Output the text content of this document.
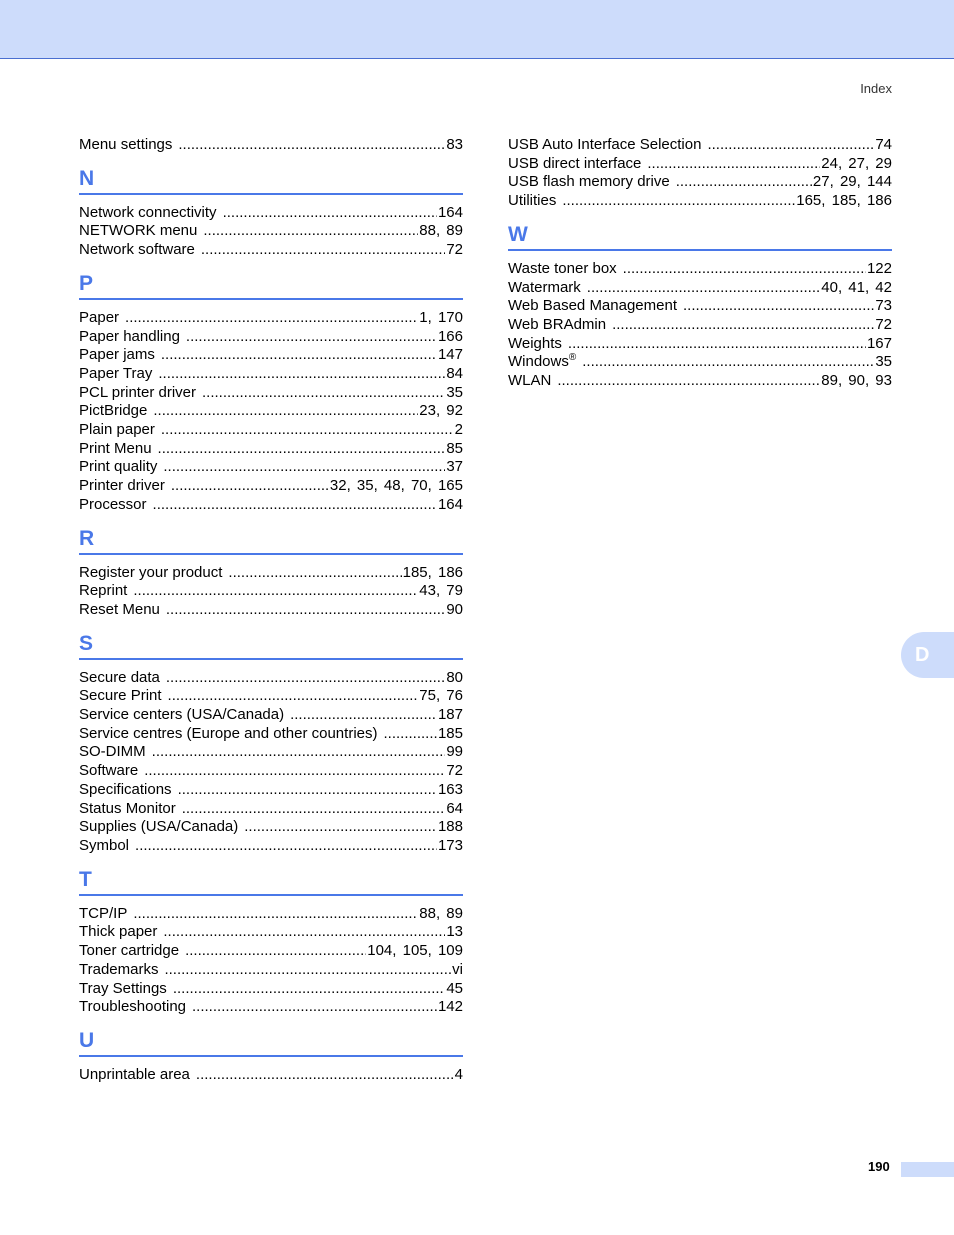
Index
Menu settings .....	83
N
Network connectivity .....	164
NETWORK menu .....	88, 89
Network software .....	72
P
Paper .....	1, 170
Paper handling .....	166
Paper jams .....	147
Paper Tray .....	84
PCL printer driver .....	35
PictBridge .....	23, 92
Plain paper .....	2
Print Menu .....	85
Print quality .....	37
Printer driver .....	32, 35, 48, 70, 165
Processor .....	164
R
Register your product .....	185, 186
Reprint .....	43, 79
Reset Menu .....	90
S
Secure data .....	80
Secure Print .....	75, 76
Service centers (USA/Canada) .....	187
Service centres (Europe and other countries) .....	185
SO-DIMM .....	99
Software .....	72
Specifications .....	163
Status Monitor .....	64
Supplies (USA/Canada) .....	188
Symbol .....	173
T
TCP/IP .....	88, 89
Thick paper .....	13
Toner cartridge .....	104, 105, 109
Trademarks .....	vi
Tray Settings .....	45
Troubleshooting .....	142
U
Unprintable area .....	4
USB Auto Interface Selection .....	74
USB direct interface .....	24, 27, 29
USB flash memory drive .....	27, 29, 144
Utilities .....	165, 185, 186
W
Waste toner box .....	122
Watermark .....	40, 41, 42
Web Based Management .....	73
Web BRAdmin .....	72
Weights .....	167
Windows® .....	35
WLAN .....	89, 90, 93
D
190
